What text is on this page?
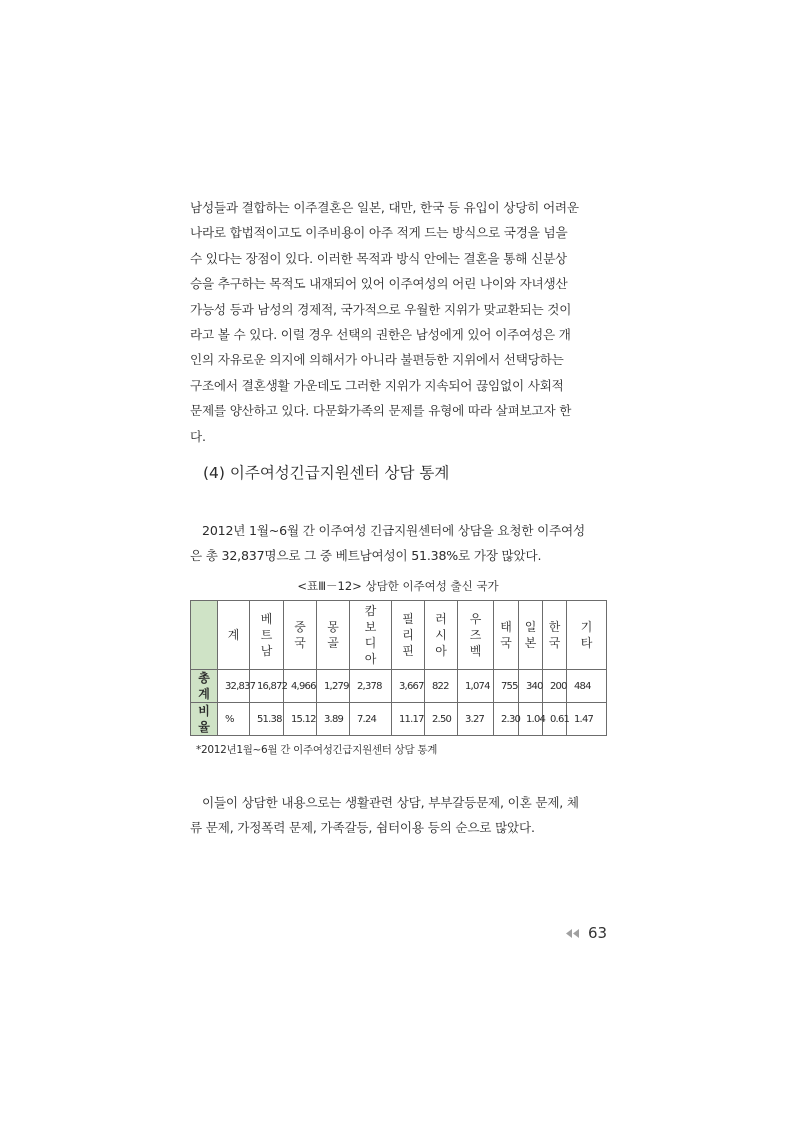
남성들과 결합하는 이주결혼은 일본, 대만, 한국 등 유입이 상당히 어려운
나라로 합법적이고도 이주비용이 아주 적게 드는 방식으로 국경을 넘을
수 있다는 장점이 있다. 이러한 목적과 방식 안에는 결혼을 통해 신분상
승을 추구하는 목적도 내재되어 있어 이주여성의 어린 나이와 자녀생산
가능성 등과 남성의 경제적, 국가적으로 우월한 지위가 맞교환되는 것이
라고 볼 수 있다. 이럴 경우 선택의 권한은 남성에게 있어 이주여성은 개
인의 자유로운 의지에 의해서가 아니라 불편등한 지위에서 선택당하는
구조에서 결혼생활 가운데도 그러한 지위가 지속되어 끊임없이 사회적
문제를 양산하고 있다. 다문화가족의 문제를 유형에 따라 살펴보고자 한
다.
(4) 이주여성긴급지원센터 상담 통계
2012년 1월~6월 간 이주여성 긴급지원센터에 상담을 요청한 이주여성
은 총 32,837명으로 그 중 베트남여성이 51.38%로 가장 많았다.
<표Ⅲ－12> 상담한 이주여성 출신 국가
	계	베트남	중국	몽골	캄보디아	필리핀	러시아	우즈벡	태국	일본	한국	기타
총계	32,837	16,872	4,966	1,279	2,378	3,667	822	1,074	755	340	200	484
비율	%	51.38	15.12	3.89	7.24	11.17	2.50	3.27	2.30	1.04	0.61	1.47
*2012년1월~6월 간 이주여성긴급지원센터 상담 통계
이들이 상담한 내용으로는 생활관련 상담, 부부갈등문제, 이혼 문제, 체
류 문제, 가정폭력 문제, 가족갈등, 쉼터이용 등의 순으로 많았다.
63
